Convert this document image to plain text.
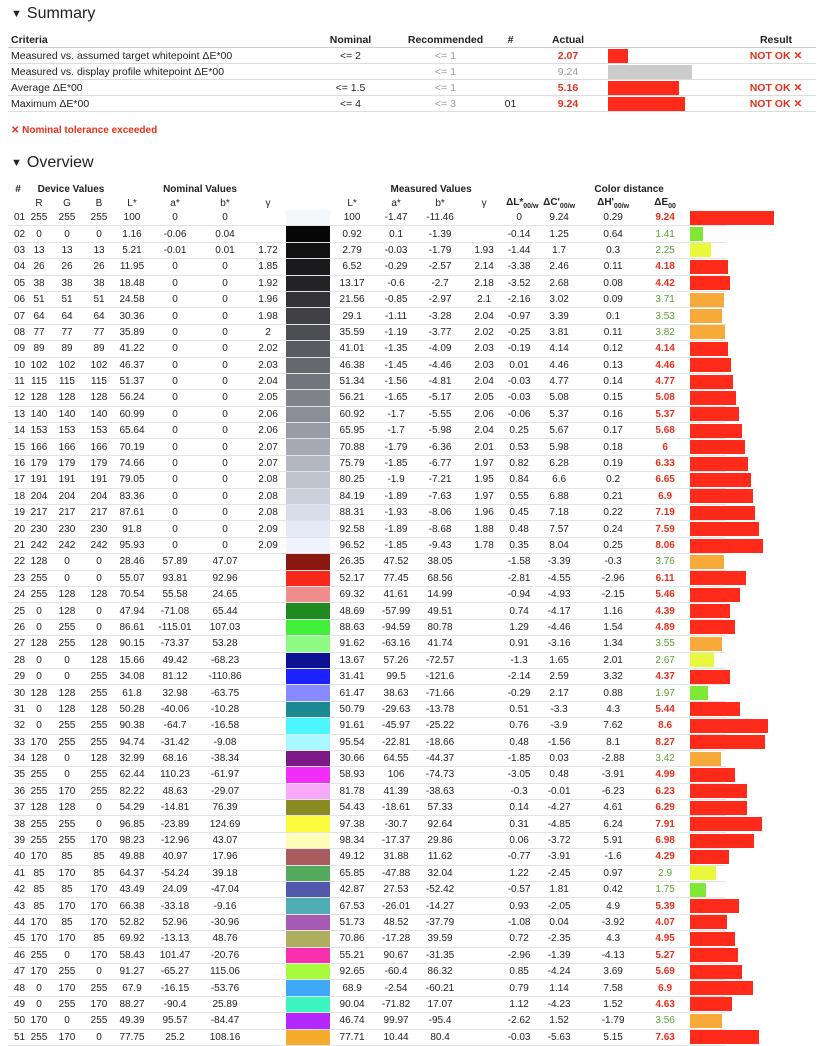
▼ Summary
Criteria	Nominal	Recommended	#	Actual			Result
Measured vs. assumed target whitepoint ΔE*00	<= 2	<= 1		2.07			NOT OK ✕
Measured vs. display profile whitepoint ΔE*00		<= 1		9.24	

Average ΔE*00	<= 1.5	<= 1		5.16			NOT OK ✕
Maximum ΔE*00	<= 4	<= 3	01	9.24			NOT OK ✕
✕ Nominal tolerance exceeded
▼ Overview
#	Device Values			Nominal Values					Measured Values					Color distance				
	R	G	B	L*	a*	b*	γ		L*	a*	b*	γ	$\Delta L*_{00/w}$	$\Delta C'_{00/w}$	$\Delta H'_{00/w}$	$\Delta E_{00}$	
01	255	255	255	100	0	0			100	-1.47	-11.46		0	9.24	0.29	9.24		

02	0	0	0	1.16	-0.06	0.04			0.92	0.1	-1.39		-0.14	1.25	0.64	1.41		

03	13	13	13	5.21	-0.01	0.01	1.72		2.79	-0.03	-1.79	1.93	-1.44	1.7	0.3	2.25		

04	26	26	26	11.95	0	0	1.85		6.52	-0.29	-2.57	2.14	-3.38	2.46	0.11	4.18		

05	38	38	38	18.48	0	0	1.92		13.17	-0.6	-2.7	2.18	-3.52	2.68	0.08	4.42		

06	51	51	51	24.58	0	0	1.96		21.56	-0.85	-2.97	2.1	-2.16	3.02	0.09	3.71		

07	64	64	64	30.36	0	0	1.98		29.1	-1.11	-3.28	2.04	-0.97	3.39	0.1	3.53		

08	77	77	77	35.89	0	0	2		35.59	-1.19	-3.77	2.02	-0.25	3.81	0.11	3.82		

09	89	89	89	41.22	0	0	2.02		41.01	-1.35	-4.09	2.03	-0.19	4.14	0.12	4.14		

10	102	102	102	46.37	0	0	2.03		46.38	-1.45	-4.46	2.03	0.01	4.46	0.13	4.46		

11	115	115	115	51.37	0	0	2.04		51.34	-1.56	-4.81	2.04	-0.03	4.77	0.14	4.77		

12	128	128	128	56.24	0	0	2.05		56.21	-1.65	-5.17	2.05	-0.03	5.08	0.15	5.08		

13	140	140	140	60.99	0	0	2.06		60.92	-1.7	-5.55	2.06	-0.06	5.37	0.16	5.37		

14	153	153	153	65.64	0	0	2.06		65.95	-1.7	-5.98	2.04	0.25	5.67	0.17	5.68		

15	166	166	166	70.19	0	0	2.07		70.88	-1.79	-6.36	2.01	0.53	5.98	0.18	6		

16	179	179	179	74.66	0	0	2.07		75.79	-1.85	-6.77	1.97	0.82	6.28	0.19	6.33		

17	191	191	191	79.05	0	0	2.08		80.25	-1.9	-7.21	1.95	0.84	6.6	0.2	6.65		

18	204	204	204	83.36	0	0	2.08		84.19	-1.89	-7.63	1.97	0.55	6.88	0.21	6.9		

19	217	217	217	87.61	0	0	2.08		88.31	-1.93	-8.06	1.96	0.45	7.18	0.22	7.19		

20	230	230	230	91.8	0	0	2.09		92.58	-1.89	-8.68	1.88	0.48	7.57	0.24	7.59		

21	242	242	242	95.93	0	0	2.09		96.52	-1.85	-9.43	1.78	0.35	8.04	0.25	8.06		

22	128	0	0	28.46	57.89	47.07			26.35	47.52	38.05		-1.58	-3.39	-0.3	3.76		

23	255	0	0	55.07	93.81	92.96			52.17	77.45	68.56		-2.81	-4.55	-2.96	6.11		

24	255	128	128	70.54	55.58	24.65			69.32	41.61	14.99		-0.94	-4.93	-2.15	5.46		

25	0	128	0	47.94	-71.08	65.44			48.69	-57.99	49.51		0.74	-4.17	1.16	4.39		

26	0	255	0	86.61	-115.01	107.03			88.63	-94.59	80.78		1.29	-4.46	1.54	4.89		

27	128	255	128	90.15	-73.37	53.28			91.62	-63.16	41.74		0.91	-3.16	1.34	3.55		

28	0	0	128	15.66	49.42	-68.23			13.67	57.26	-72.57		-1.3	1.65	2.01	2.67		

29	0	0	255	34.08	81.12	-110.86			31.41	99.5	-121.6		-2.14	2.59	3.32	4.37		

30	128	128	255	61.8	32.98	-63.75			61.47	38.63	-71.66		-0.29	2.17	0.88	1.97		

31	0	128	128	50.28	-40.06	-10.28			50.79	-29.63	-13.78		0.51	-3.3	4.3	5.44		

32	0	255	255	90.38	-64.7	-16.58			91.61	-45.97	-25.22		0.76	-3.9	7.62	8.6		

33	170	255	255	94.74	-31.42	-9.08			95.54	-22.81	-18.66		0.48	-1.56	8.1	8.27		

34	128	0	128	32.99	68.16	-38.34			30.66	64.55	-44.37		-1.85	0.03	-2.88	3.42		

35	255	0	255	62.44	110.23	-61.97			58.93	106	-74.73		-3.05	0.48	-3.91	4.99		

36	255	170	255	82.22	48.63	-29.07			81.78	41.39	-38.63		-0.3	-0.01	-6.23	6.23		

37	128	128	0	54.29	-14.81	76.39			54.43	-18.61	57.33		0.14	-4.27	4.61	6.29		

38	255	255	0	96.85	-23.89	124.69			97.38	-30.7	92.64		0.31	-4.85	6.24	7.91		

39	255	255	170	98.23	-12.96	43.07			98.34	-17.37	29.86		0.06	-3.72	5.91	6.98		

40	170	85	85	49.88	40.97	17.96			49.12	31.88	11.62		-0.77	-3.91	-1.6	4.29		

41	85	170	85	64.37	-54.24	39.18			65.85	-47.88	32.04		1.22	-2.45	0.97	2.9		

42	85	85	170	43.49	24.09	-47.04			42.87	27.53	-52.42		-0.57	1.81	0.42	1.75		

43	85	170	170	66.38	-33.18	-9.16			67.53	-26.01	-14.27		0.93	-2.05	4.9	5.39		

44	170	85	170	52.82	52.96	-30.96			51.73	48.52	-37.79		-1.08	0.04	-3.92	4.07		

45	170	170	85	69.92	-13.13	48.76			70.86	-17.28	39.59		0.72	-2.35	4.3	4.95		

46	255	0	170	58.43	101.47	-20.76			55.21	90.67	-31.35		-2.96	-1.39	-4.13	5.27		

47	170	255	0	91.27	-65.27	115.06			92.65	-60.4	86.32		0.85	-4.24	3.69	5.69		

48	0	170	255	67.9	-16.15	-53.76			68.9	-2.54	-60.21		0.79	1.14	7.58	6.9		

49	0	255	170	88.27	-90.4	25.89			90.04	-71.82	17.07		1.12	-4.23	1.52	4.63		

50	170	0	255	49.39	95.57	-84.47			46.74	99.97	-95.4		-2.62	1.52	-1.79	3.56		

51	255	170	0	77.75	25.2	108.16			77.71	10.44	80.4		-0.03	-5.63	5.15	7.63		
